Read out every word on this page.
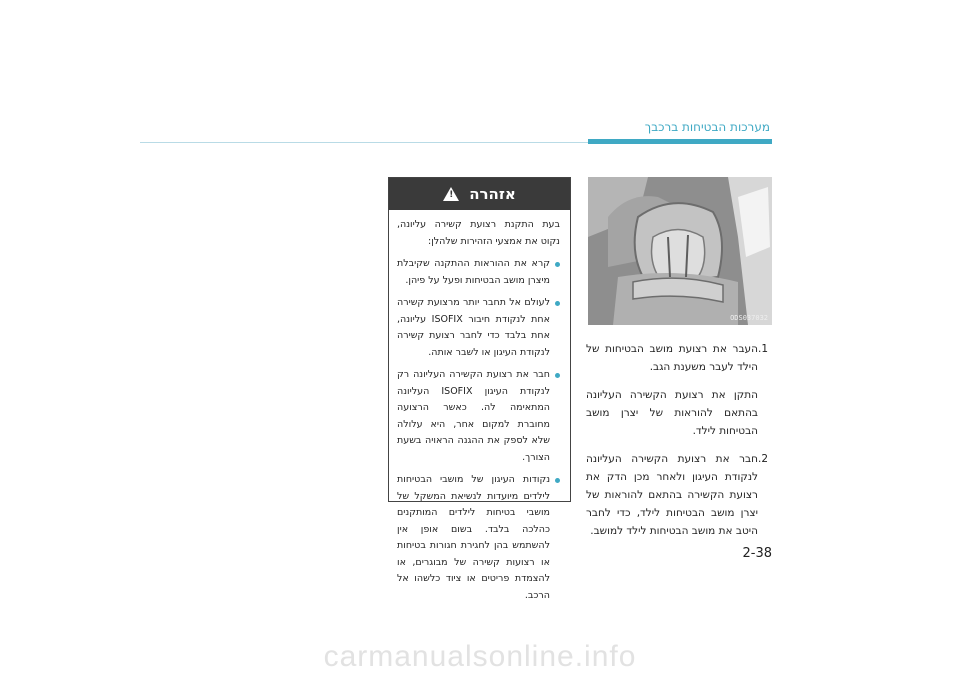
מערכות הבטיחות ברכבך
ODS037032
1.

העבר את רצועת מושב הבטיחות של הילד לעבר משענת הגב.

התקן את רצועת הקשירה העליונה בהתאם להוראות של יצרן מושב הבטיחות לילד.

2.

חבר את רצועת הקשירה העליונה לנקודת העיגון ולאחר מכן הדק את רצועת הקשירה בהתאם להוראות של יצרן מושב הבטיחות לילד, כדי לחבר היטב את מושב הבטיחות לילד למושב.

אזהרה
!

בעת התקנת רצועת קשירה עליונה, נקוט את אמצעי הזהירות שלהלן:

קרא את ההוראות ההתקנה שקיבלת מיצרן מושב הבטיחות ופעל על פיהן.

לעולם אל תחבר יותר מרצועת קשירה אחת לנקודת חיבור ISOFIX עליונה, אחת בלבד כדי לחבר רצועת קשירה לנקודת העיגון או לשבר אותה.

חבר את רצועת הקשירה העליונה רק לנקודת העיגון ISOFIX העליונה המתאימה לה. כאשר הרצועה מחוברת למקום אחר, היא עלולה שלא לספק את ההגנה הראויה בשעת הצורך.

נקודות העיגון של מושבי הבטיחות לילדים מיועדות לנשיאת המשקל של מושבי בטיחות לילדים המותקנים כהלכה בלבד. בשום אופן אין להשתמש בהן לחגירת חגורות בטיחות או רצועות קשירה של מבוגרים, או להצמדת פריטים או ציוד כלשהו אל הרכב.

2-38
carmanualsonline.info
